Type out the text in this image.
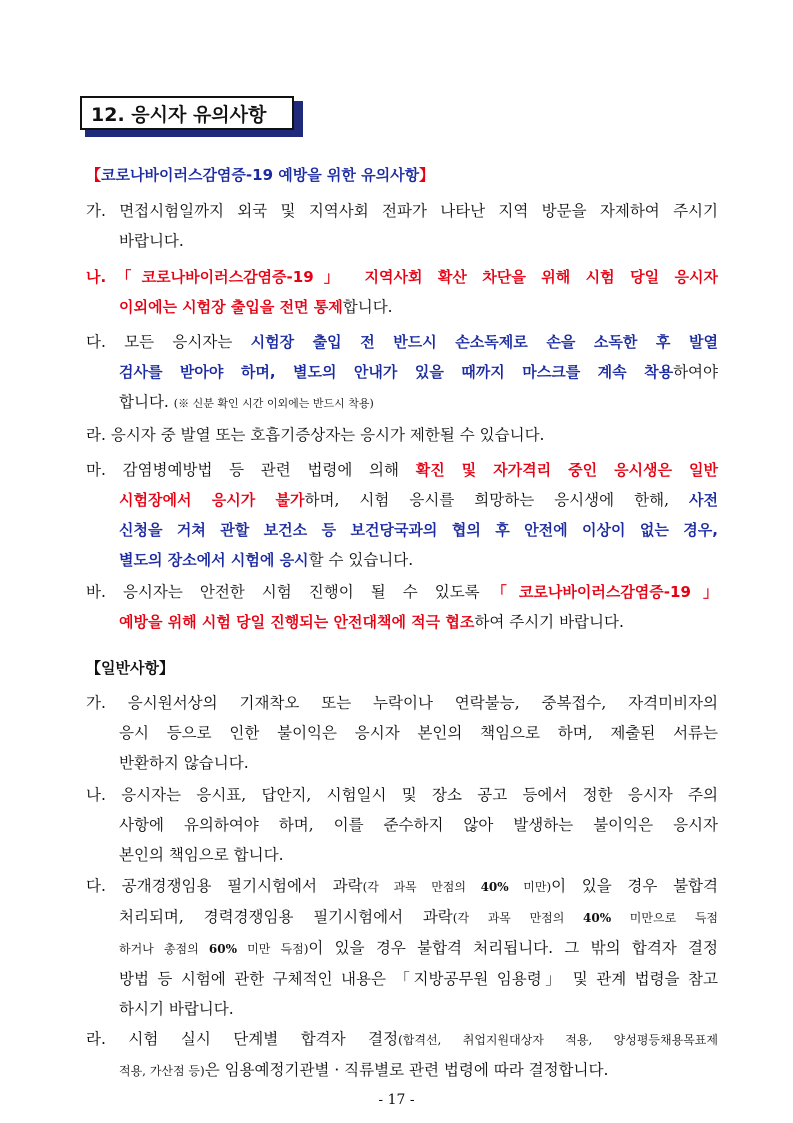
12. 응시자 유의사항
【코로나바이러스감염증-19 예방을 위한 유의사항】
가. 면접시험일까지 외국 및 지역사회 전파가 나타난 지역 방문을 자제하여 주시기
바랍니다.
나.「코로나바이러스감염증-19」 지역사회 확산 차단을 위해 시험 당일 응시자
이외에는 시험장 출입을 전면 통제합니다.
다. 모든 응시자는 시험장 출입 전 반드시 손소독제로 손을 소독한 후 발열
검사를 받아야 하며, 별도의 안내가 있을 때까지 마스크를 계속 착용하여야
합니다. (※ 신분 확인 시간 이외에는 반드시 착용)
라. 응시자 중 발열 또는 호흡기증상자는 응시가 제한될 수 있습니다.
마. 감염병예방법 등 관련 법령에 의해 확진 및 자가격리 중인 응시생은 일반
시험장에서 응시가 불가하며, 시험 응시를 희망하는 응시생에 한해, 사전
신청을 거쳐 관할 보건소 등 보건당국과의 협의 후 안전에 이상이 없는 경우,
별도의 장소에서 시험에 응시할 수 있습니다.
바. 응시자는 안전한 시험 진행이 될 수 있도록「코로나바이러스감염증-19」
예방을 위해 시험 당일 진행되는 안전대책에 적극 협조하여 주시기 바랍니다.
【일반사항】
가. 응시원서상의 기재착오 또는 누락이나 연락불능, 중복접수, 자격미비자의
응시 등으로 인한 불이익은 응시자 본인의 책임으로 하며, 제출된 서류는
반환하지 않습니다.
나. 응시자는 응시표, 답안지, 시험일시 및 장소 공고 등에서 정한 응시자 주의
사항에 유의하여야 하며, 이를 준수하지 않아 발생하는 불이익은 응시자
본인의 책임으로 합니다.
다. 공개경쟁임용 필기시험에서 과락(각 과목 만점의 40% 미만)이 있을 경우 불합격
처리되며, 경력경쟁임용 필기시험에서 과락(각 과목 만점의 40% 미만으로 득점
하거나 총점의 60% 미만 득점)이 있을 경우 불합격 처리됩니다. 그 밖의 합격자 결정
방법 등 시험에 관한 구체적인 내용은 「지방공무원 임용령」 및 관계 법령을 참고
하시기 바랍니다.
라. 시험 실시 단계별 합격자 결정(합격선, 취업지원대상자 적용, 양성평등채용목표제
적용, 가산점 등)은 임용예정기관별 · 직류별로 관련 법령에 따라 결정합니다.
- 17 -
